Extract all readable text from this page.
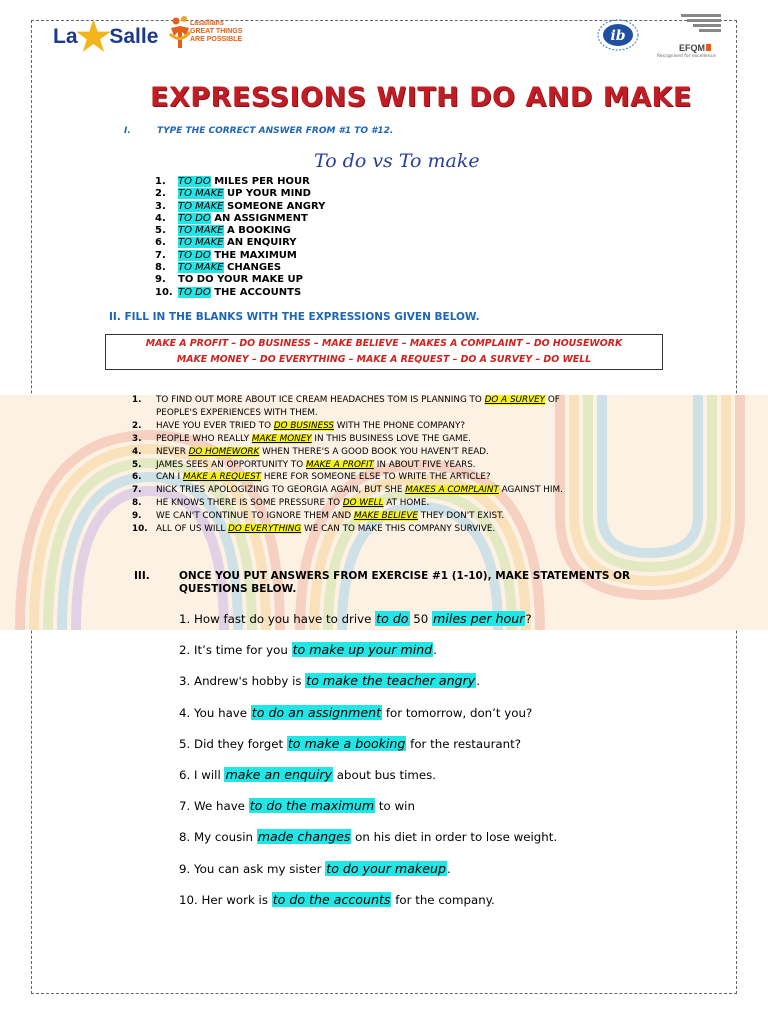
La
★
Salle
Lasallians
GREAT THINGS
ARE POSSIBLE	ib
EFQM
Recognised for excellence
EXPRESSIONS WITH DO AND MAKE
I.	TYPE THE CORRECT ANSWER FROM #1 TO #12.
To do vs To make
1. TO DO MILES PER HOUR
2. TO MAKE UP YOUR MIND
3. TO MAKE SOMEONE ANGRY
4. TO DO AN ASSIGNMENT
5. TO MAKE A BOOKING
6. TO MAKE AN ENQUIRY
7. TO DO THE MAXIMUM
8. TO MAKE CHANGES
9. TO DO YOUR MAKE UP
10. TO DO THE ACCOUNTS
II. FILL IN THE BLANKS WITH THE EXPRESSIONS GIVEN BELOW.
MAKE A PROFIT – DO BUSINESS – MAKE BELIEVE – MAKES A COMPLAINT – DO HOUSEWORK
MAKE MONEY – DO EVERYTHING – MAKE A REQUEST – DO A SURVEY – DO WELL
1. TO FIND OUT MORE ABOUT ICE CREAM HEADACHES TOM IS PLANNING TO DO A SURVEY OF
PEOPLE'S EXPERIENCES WITH THEM.
2. HAVE YOU EVER TRIED TO DO BUSINESS WITH THE PHONE COMPANY?
3. PEOPLE WHO REALLY MAKE MONEY IN THIS BUSINESS LOVE THE GAME.
4. NEVER DO HOMEWORK WHEN THERE'S A GOOD BOOK YOU HAVEN'T READ.
5. JAMES SEES AN OPPORTUNITY TO MAKE A PROFIT IN ABOUT FIVE YEARS.
6. CAN I MAKE A REQUEST HERE FOR SOMEONE ELSE TO WRITE THE ARTICLE?
7. NICK TRIES APOLOGIZING TO GEORGIA AGAIN, BUT SHE MAKES A COMPLAINT AGAINST HIM.
8. HE KNOWS THERE IS SOME PRESSURE TO DO WELL AT HOME.
9. WE CAN'T CONTINUE TO IGNORE THEM AND MAKE BELIEVE THEY DON'T EXIST.
10. ALL OF US WILL DO EVERYTHING WE CAN TO MAKE THIS COMPANY SURVIVE.
III.	ONCE YOU PUT ANSWERS FROM EXERCISE #1 (1-10), MAKE STATEMENTS OR QUESTIONS BELOW.
1. How fast do you have to drive to do 50 miles per hour?
2. It’s time for you to make up your mind.
3. Andrew's hobby is to make the teacher angry.
4. You have to do an assignment for tomorrow, don’t you?
5. Did they forget to make a booking for the restaurant?
6. I will make an enquiry about bus times.
7. We have to do the maximum to win
8. My cousin made changes on his diet in order to lose weight.
9. You can ask my sister to do your makeup.
10. Her work is to do the accounts for the company.
